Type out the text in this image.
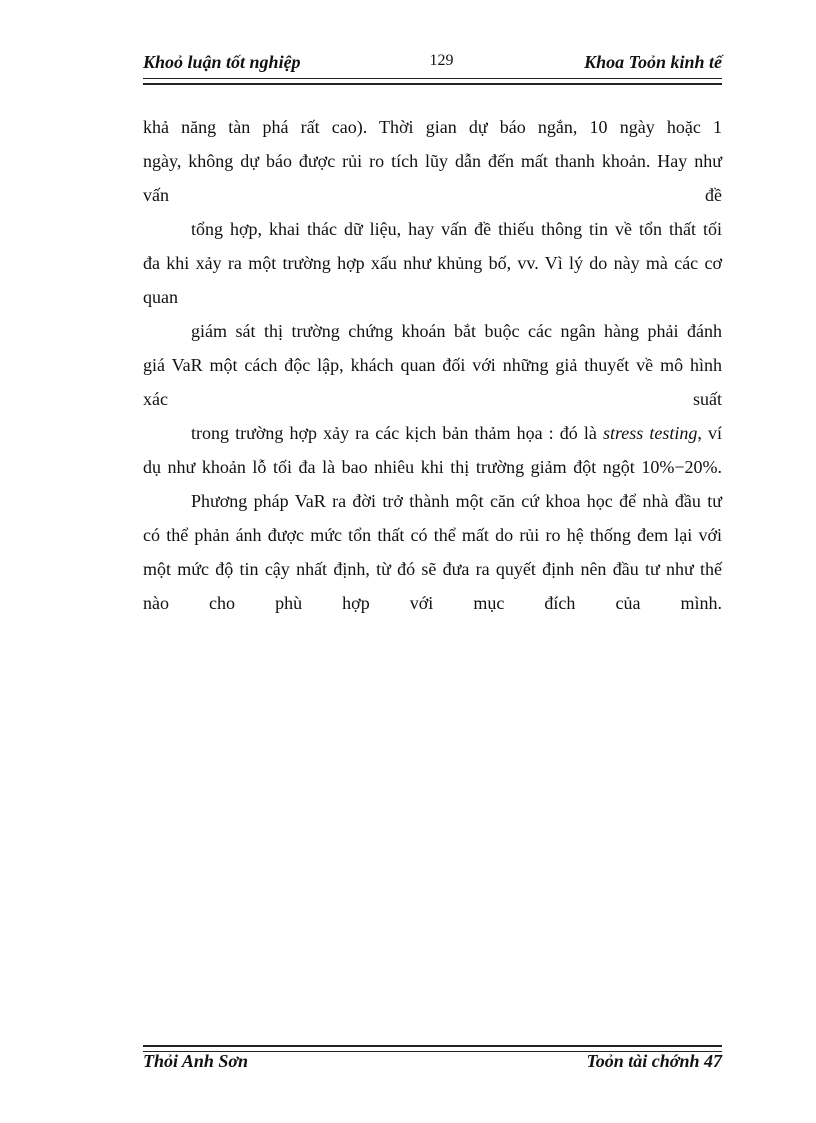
Khoỏ luận tốt nghiệp	129	Khoa Toỏn kinh tế
khả năng tàn phá rất cao). Thời gian dự báo ngắn, 10 ngày hoặc 1
ngày, không dự báo được rủi ro tích lũy dẫn đến mất thanh khoản. Hay như
vấn đề
tổng hợp, khai thác dữ liệu, hay vấn đề thiếu thông tin về tổn thất tối
đa khi xảy ra một trường hợp xấu như khủng bố, vv. Vì lý do này mà các cơ
quan
giám sát thị trường chứng khoán bắt buộc các ngân hàng phải đánh
giá VaR một cách độc lập, khách quan đối với những giả thuyết về mô hình
xác suất
trong trường hợp xảy ra các kịch bản thảm họa : đó là stress testing, ví
dụ như khoản lỗ tối đa là bao nhiêu khi thị trường giảm đột ngột 10%−20%.
Phương pháp VaR ra đời trở thành một căn cứ khoa học để nhà đầu tư
có thể phản ánh được mức tổn thất có thể mất do rủi ro hệ thống đem lại với
một mức độ tin cậy nhất định, từ đó sẽ đưa ra quyết định nên đầu tư như thế
nào cho phù hợp với mục đích của mình.
Thỏi Anh Sơn	Toỏn tài chớnh 47
